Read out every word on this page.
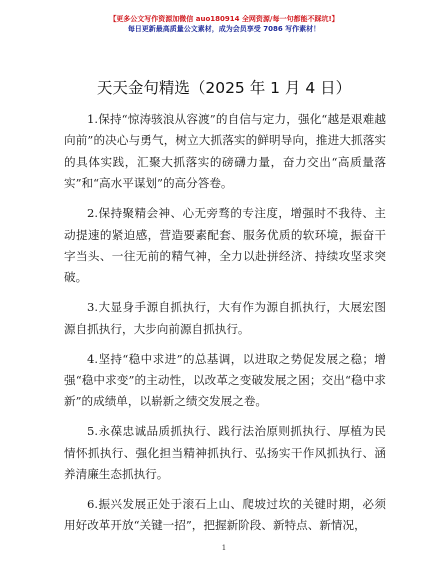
【更多公文写作资源加微信 auo180914 全网资源/每一句都能不踩坑!】
每日更新最高质量公文素材，成为会员享受 7086 写作素材！
天天金句精选（2025 年 1 月 4 日）

1.保持“惊涛骇浪从容渡”的自信与定力，强化“越是艰难越向前”的决心与勇气，树立大抓落实的鲜明导向，推进大抓落实的具体实践，汇聚大抓落实的磅礴力量，奋力交出“高质量落实”和“高水平谋划”的高分答卷。

2.保持聚精会神、心无旁骛的专注度，增强时不我待、主动提速的紧迫感，营造要素配套、服务优质的软环境，振奋干字当头、一往无前的精气神，全力以赴拼经济、持续攻坚求突破。

3.大显身手源自抓执行，大有作为源自抓执行，大展宏图源自抓执行，大步向前源自抓执行。

4.坚持“稳中求进”的总基调，以进取之势促发展之稳；增强“稳中求变”的主动性，以改革之变破发展之困；交出“稳中求新”的成绩单，以崭新之绩交发展之卷。

5.永葆忠诚品质抓执行、践行法治原则抓执行、厚植为民情怀抓执行、强化担当精神抓执行、弘扬实干作风抓执行、涵养清廉生态抓执行。

6.振兴发展正处于滚石上山、爬坡过坎的关键时期，必须用好改革开放“关键一招”，把握新阶段、新特点、新情况，

1
